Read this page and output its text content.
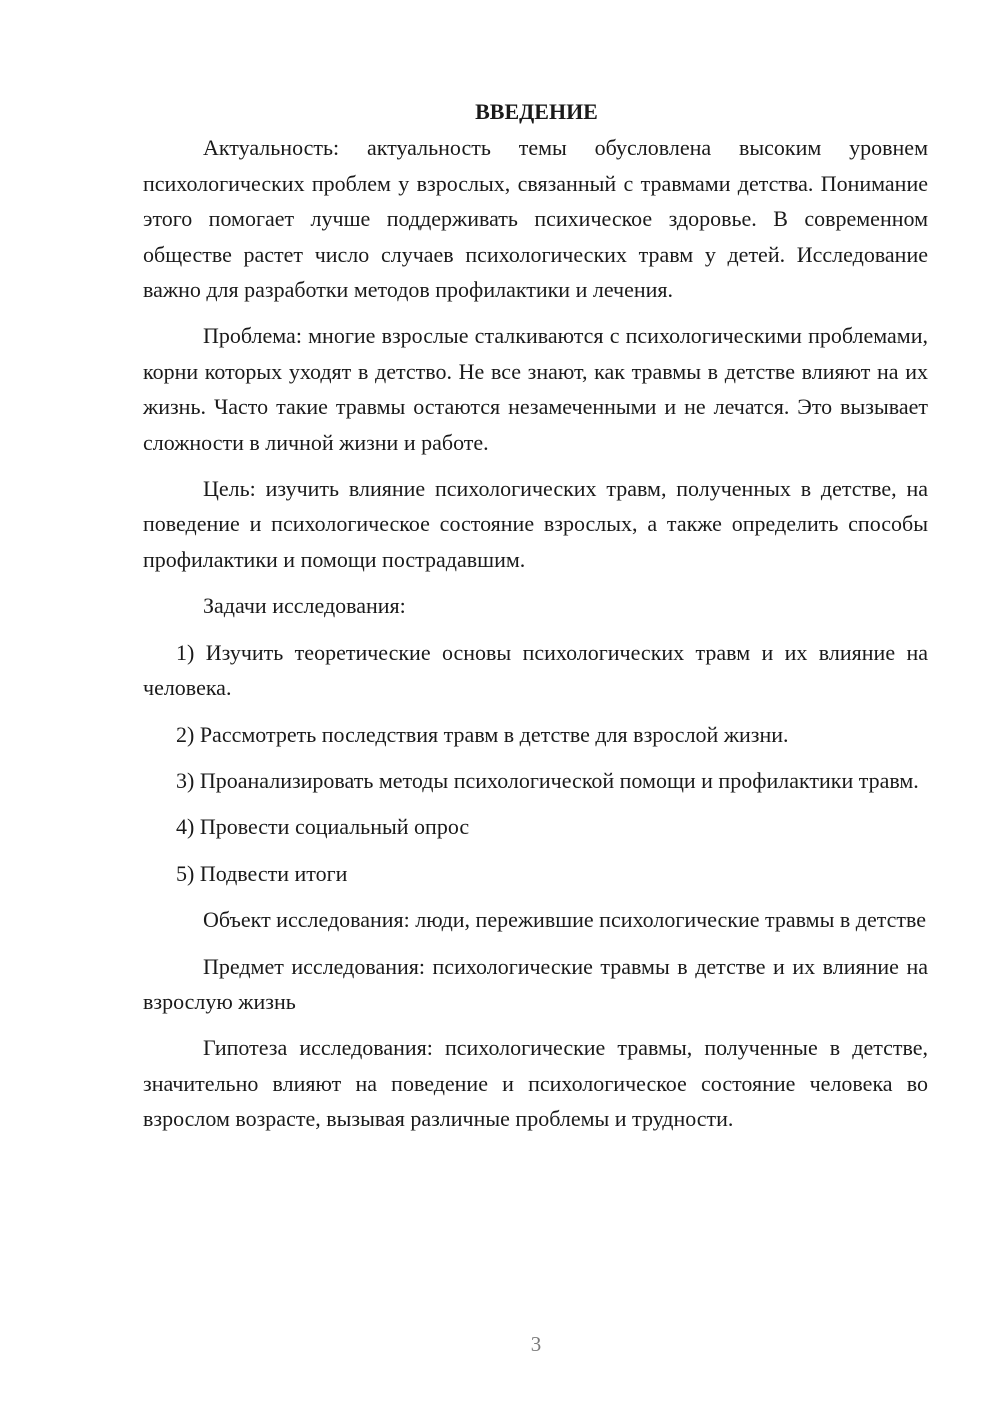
ВВЕДЕНИЕ

Актуальность: актуальность темы обусловлена высоким уровнем психологических проблем у взрослых, связанный с травмами детства. Понимание этого помогает лучше поддерживать психическое здоровье. В современном обществе растет число случаев психологических травм у детей. Исследование важно для разработки методов профилактики и лечения.

Проблема: многие взрослые сталкиваются с психологическими проблемами, корни которых уходят в детство. Не все знают, как травмы в детстве влияют на их жизнь. Часто такие травмы остаются незамеченными и не лечатся. Это вызывает сложности в личной жизни и работе.

Цель: изучить влияние психологических травм, полученных в детстве, на поведение и психологическое состояние взрослых, а также определить способы профилактики и помощи пострадавшим.

Задачи исследования:

1) Изучить теоретические основы психологических травм и их влияние на человека.

2) Рассмотреть последствия травм в детстве для взрослой жизни.

3) Проанализировать методы психологической помощи и профилактики травм.

4) Провести социальный опрос

5) Подвести итоги

Объект исследования: люди, пережившие психологические травмы в детстве

Предмет исследования: психологические травмы в детстве и их влияние на взрослую жизнь

Гипотеза исследования: психологические травмы, полученные в детстве, значительно влияют на поведение и психологическое состояние человека во взрослом возрасте, вызывая различные проблемы и трудности.

3
